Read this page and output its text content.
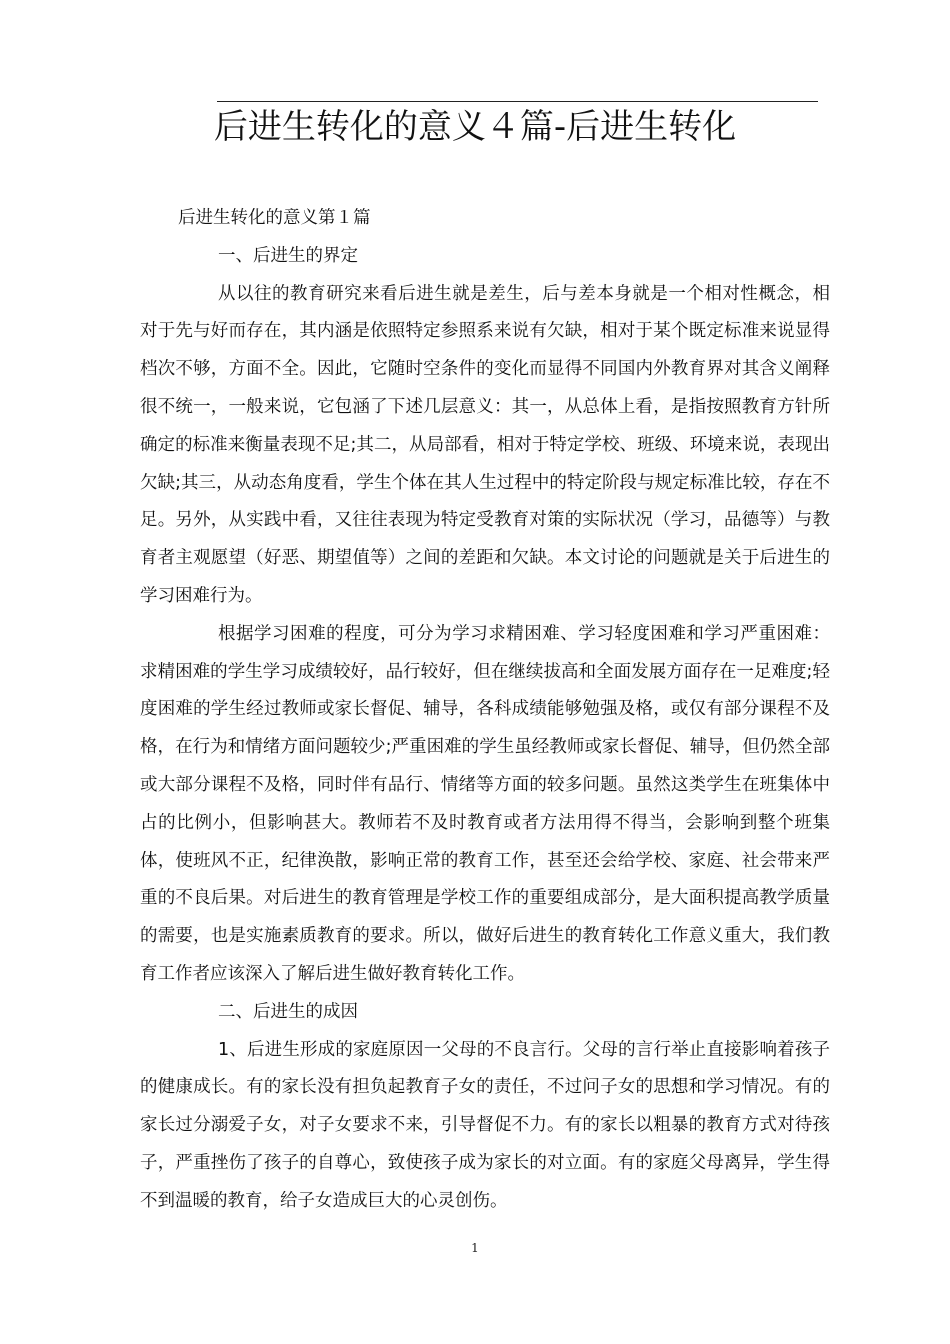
后进生转化的意义４篇-后进生转化

后进生转化的意义第１篇

一、后进生的界定

从以往的教育研究来看后进生就是差生，后与差本身就是一个相对性概念，相对于先与好而存在，其内涵是依照特定参照系来说有欠缺，相对于某个既定标准来说显得档次不够，方面不全。因此，它随时空条件的变化而显得不同国内外教育界对其含义阐释很不统一，一般来说，它包涵了下述几层意义：其一，从总体上看，是指按照教育方针所确定的标准来衡量表现不足;其二，从局部看，相对于特定学校、班级、环境来说，表现出欠缺;其三，从动态角度看，学生个体在其人生过程中的特定阶段与规定标准比较，存在不足。另外，从实践中看，又往往表现为特定受教育对策的实际状况（学习，品德等）与教育者主观愿望（好恶、期望值等）之间的差距和欠缺。本文讨论的问题就是关于后进生的学习困难行为。

根据学习困难的程度，可分为学习求精困难、学习轻度困难和学习严重困难：求精困难的学生学习成绩较好，品行较好，但在继续拔高和全面发展方面存在一足难度;轻度困难的学生经过教师或家长督促、辅导，各科成绩能够勉强及格，或仅有部分课程不及格，在行为和情绪方面问题较少;严重困难的学生虽经教师或家长督促、辅导，但仍然全部或大部分课程不及格，同时伴有品行、情绪等方面的较多问题。虽然这类学生在班集体中占的比例小，但影响甚大。教师若不及时教育或者方法用得不得当，会影响到整个班集体，使班风不正，纪律涣散，影响正常的教育工作，甚至还会给学校、家庭、社会带来严重的不良后果。对后进生的教育管理是学校工作的重要组成部分，是大面积提高教学质量的需要，也是实施素质教育的要求。所以，做好后进生的教育转化工作意义重大，我们教育工作者应该深入了解后进生做好教育转化工作。

二、后进生的成因

1、后进生形成的家庭原因一父母的不良言行。父母的言行举止直接影响着孩子的健康成长。有的家长没有担负起教育子女的责任，不过问子女的思想和学习情况。有的家长过分溺爱子女，对子女要求不来，引导督促不力。有的家长以粗暴的教育方式对待孩子，严重挫伤了孩子的自尊心，致使孩子成为家长的对立面。有的家庭父母离异，学生得不到温暖的教育，给子女造成巨大的心灵创伤。

1
